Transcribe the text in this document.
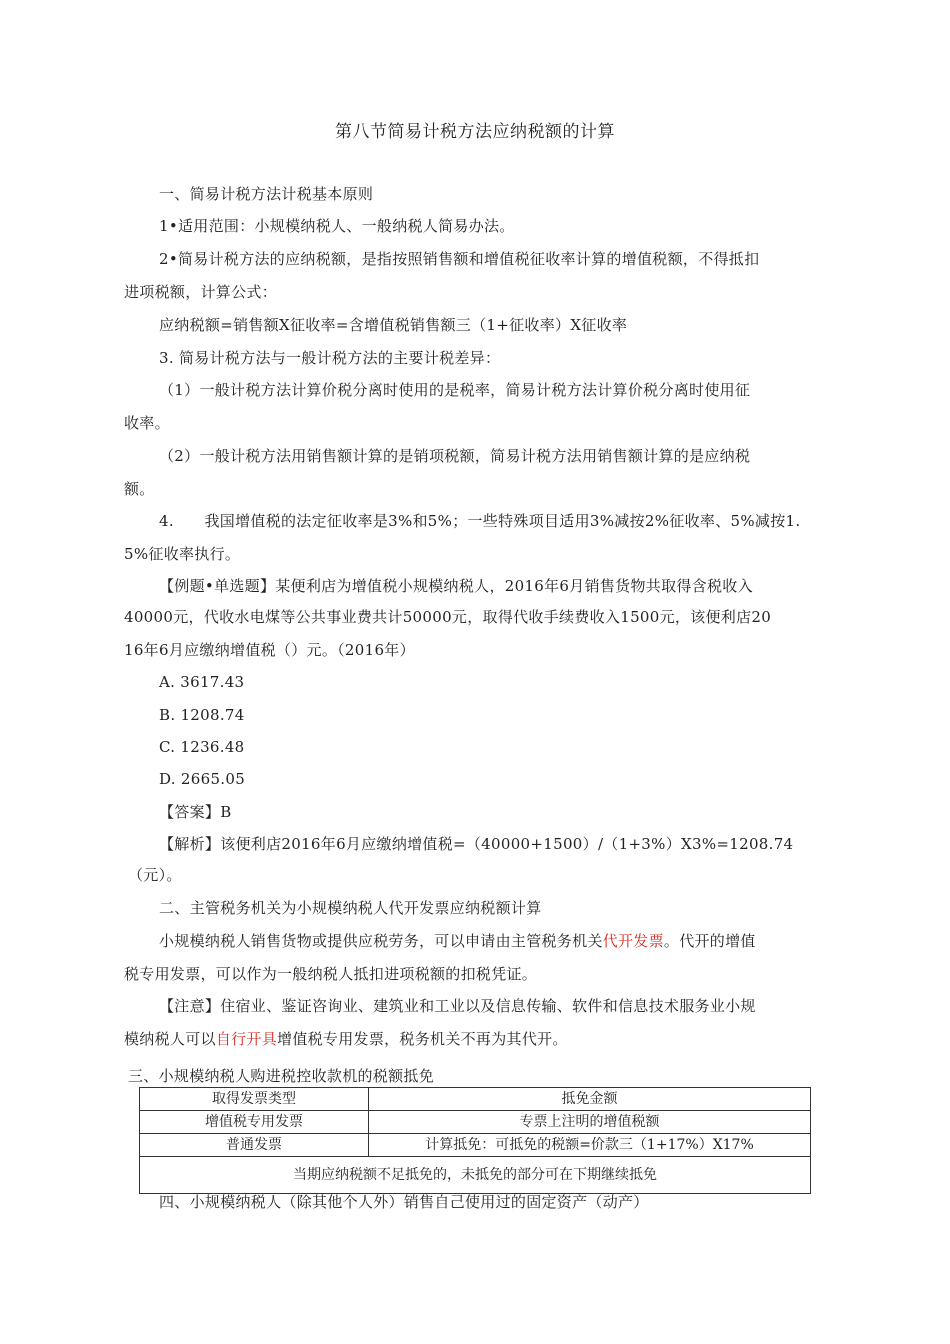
第八节简易计税方法应纳税额的计算
一、简易计税方法计税基本原则
1•适用范围：小规模纳税人、一般纳税人简易办法。
2•简易计税方法的应纳税额，是指按照销售额和增值税征收率计算的增值税额，不得抵扣
进项税额，计算公式：
应纳税额=销售额X征收率=含增值税销售额三（1+征收率）X征收率
3. 简易计税方法与一般计税方法的主要计税差异：
（1）一般计税方法计算价税分离时使用的是税率，简易计税方法计算价税分离时使用征
收率。
（2）一般计税方法用销售额计算的是销项税额，简易计税方法用销售额计算的是应纳税
额。
4.　　我国增值税的法定征收率是3%和5%；一些特殊项目适用3%减按2%征收率、5%减按1.
5%征收率执行。
【例题•单选题】某便利店为增值税小规模纳税人，2016年6月销售货物共取得含税收入
40000元，代收水电煤等公共事业费共计50000元，取得代收手续费收入1500元，该便利店20
16年6月应缴纳增值税（）元。（2016年）
A. 3617.43
B. 1208.74
C. 1236.48
D. 2665.05
【答案】B
【解析】该便利店2016年6月应缴纳增值税=（40000+1500）/（1+3%）X3%=1208.74
（元）。
二、主管税务机关为小规模纳税人代开发票应纳税额计算
小规模纳税人销售货物或提供应税劳务，可以申请由主管税务机关代开发票。代开的增值
税专用发票，可以作为一般纳税人抵扣进项税额的扣税凭证。
【注意】住宿业、鉴证咨询业、建筑业和工业以及信息传输、软件和信息技术服务业小规
模纳税人可以自行开具增值税专用发票，税务机关不再为其代开。
三、小规模纳税人购进税控收款机的税额抵免
取得发票类型	抵免金额
增值税专用发票	专票上注明的增值税额
普通发票	计算抵免：可抵免的税额=价款三（1+17%）X17%
当期应纳税额不足抵免的，未抵免的部分可在下期继续抵免	
四、小规模纳税人（除其他个人外）销售自己使用过的固定资产（动产）
